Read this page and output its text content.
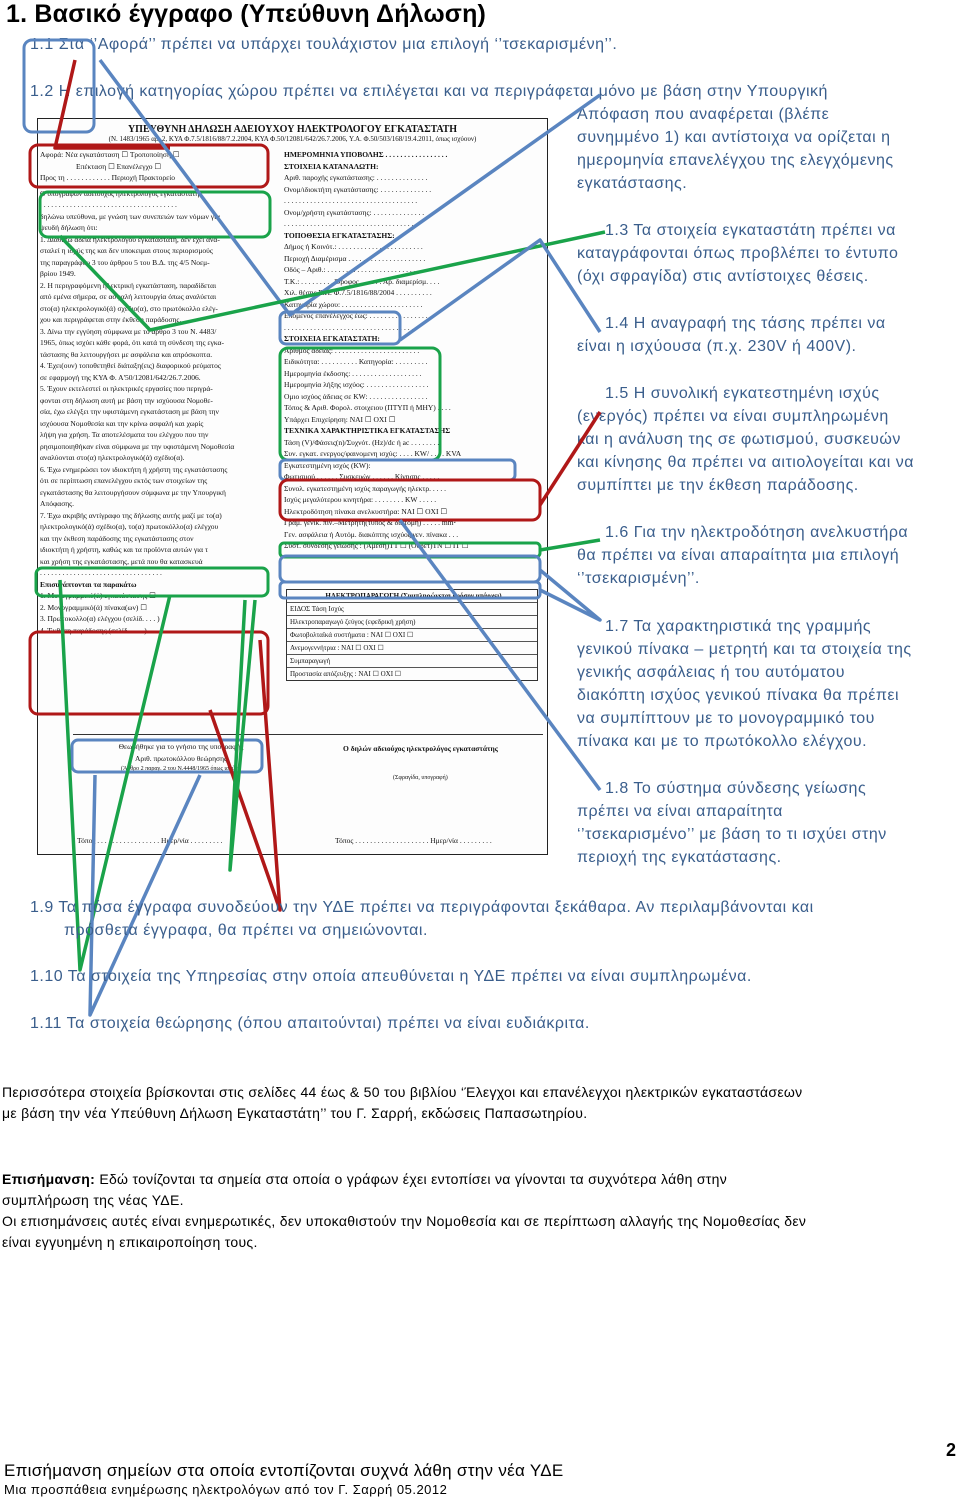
1. Βασικό έγγραφο (Υπεύθυνη Δήλωση)
1.1 Στα ‘’Αφορά’’ πρέπει να υπάρχει τουλάχιστον μια επιλογή ‘’τσεκαρισμένη’’.
1.2 Η επιλογή κατηγορίας χώρου πρέπει να επιλέγεται και να περιγράφεται μόνο με βάση στην Υπουργική
Απόφαση που αναφέρεται (βλέπε
συνημμένο 1) και αντίστοιχα να ορίζεται η
ημερομηνία επανελέγχου της ελεγχόμενης
εγκατάστασης.
1.3 Τα στοιχεία εγκαταστάτη πρέπει να
καταγράφονται όπως προβλέπει το έντυπο
(όχι σφραγίδα) στις αντίστοιχες θέσεις.
1.4 Η αναγραφή της τάσης πρέπει να
είναι η ισχύουσα (π.χ. 230V ή 400V).
1.5 Η συνολική εγκατεστημένη ισχύς
(ενεργός) πρέπει να είναι συμπληρωμένη
και η ανάλυση της σε φωτισμού, συσκευών
και κίνησης θα πρέπει να αιτιολογείται και να
συμπίπτει με την έκθεση παράδοσης.
1.6 Για την ηλεκτροδότηση ανελκυστήρα
θα πρέπει να είναι απαραίτητα μια επιλογή
‘’τσεκαρισμένη’’.
1.7 Τα χαρακτηριστικά της γραμμής
γενικού πίνακα – μετρητή και τα στοιχεία της
γενικής ασφάλειας ή του αυτόματου
διακόπτη ισχύος γενικού πίνακα θα πρέπει
να συμπίπτουν με το μονογραμμικό του
πίνακα και με το πρωτόκολλο ελέγχου.
1.8 Το σύστημα σύνδεσης γείωσης
πρέπει να είναι απαραίτητα
‘’τσεκαρισμένο’’ με βάση το τι ισχύει στην
περιοχή της εγκατάστασης.
ΥΠΕΥΘΥΝΗ ΔΗΛΩΣΗ ΑΔΕΙΟΥΧΟΥ ΗΛΕΚΤΡΟΛΟΓΟΥ ΕΓΚΑΤΑΣΤΑΤΗ
(Ν. 1483/1965 αρ. 2, ΚΥΑ Φ.7.5/1816/88/7.2.2004, ΚΥΑ Φ.50/12081/642/26.7.2006, Υ.Α. Φ.50/503/168/19.4.2011, όπως ισχύουν)
Αφορά: Νέα εγκατάσταση ☐ Τροποποίηση ☐
Επέκταση ☐ Επανέλεγχο ☐
Προς τη . . . . . . . . . . . . Περιοχή Πρακτορείο
Ο υπογράφων αδειούχος ηλεκτρολόγος εγκαταστάτης
. . . . . . . . . . . . . . . . . . . . . . . . . . . . . . . . . . . . .
δηλώνω υπεύθυνα, με γνώση των συνεπειών των νόμων για
ψευδή δήλωση ότι:
1. Διαθέτω άδεια ηλεκτρολόγου εγκαταστάτη, δεν έχει ανα-
σταλεί η ισχύς της και δεν υποκειμαι στους περιορισμούς
της παραγράφου 3 του άρθρου 5 του Β.Δ. της 4/5 Νοεμ-
βρίου 1949.
2. Η περιγραφόμενη ηλεκτρική εγκατάσταση, παραδίδεται
από εμένα σήμερα, σε ασφαλή λειτουργία όπως αναλύεται
στο(α) ηλεκτρολογικό(ά) σχέδιο(α), στο πρωτόκολλο ελέγ-
χου και περιγράφεται στην έκθεση παράδοσης.
3. Δίνω την εγγύηση σύμφωνα με το άρθρο 3 του Ν. 4483/
1965, όπως ισχύει κάθε φορά, ότι κατά τη σύνδεση της εγκα-
τάστασης θα λειτουργήσει με ασφάλεια και απρόσκοπτα.
4. Έχει(ουν) τοποθετηθεί διάταξη(εις) διαφορικού ρεύματος
σε εφαρμογή της ΚΥΑ Φ. Α'50/12081/642/26.7.2006.
5. Έχουν εκτελεστεί οι ηλεκτρικές εργασίες που περιγρά-
φονται στη δήλωση αυτή με βάση την ισχύουσα Νομοθε-
σία, έχω ελέγξει την υφιστάμενη εγκατάσταση με βάση την
ισχύουσα Νομοθεσία και την κρίνω ασφαλή και χωρίς
λήψη για χρήση. Τα αποτελέσματα του ελέγχου που την
ρησιμοποιηθήκαν είναι σύμφωνα με την υφιστάμενη Νομοθεσία
αναλύονται στο(α) ηλεκτρολογικό(ά) σχέδιο(α).
6. Έχω ενημερώσει τον ιδιοκτήτη ή χρήστη της εγκατάστασης
ότι σε περίπτωση επανελέγχου εκτός των στοιχείων της
εγκατάστασης θα λειτουργήσουν σύμφωνα με την Υπουργική
Απόφασης.
7. Έχω ακριβής αντίγραφο της δήλωσης αυτής μαζί με το(α)
ηλεκτρολογικό(ά) σχέδιο(α), το(α) πρωτοκόλλο(α) ελέγχου
και την έκθεση παράδοσης της εγκατάστασης στον
ιδιοκτήτη ή χρήστη, καθώς και τα προϊόντα αυτών για τ
και χρήση της εγκατάστασης, μετά που θα κατασκευά
. . . . . . . . . . . . . . . . . . . . . . . . . . . . . . . . .
Επισυνάπτονται τα παρακάτω
1. Μονογραμμικό(ά) εγκατάστασης ☐
2. Μονογραμμικό(ά) πίνακα(ων) ☐
3. Πρωτοκολλο(α) ελέγχου (σελίδ. . . . )
4. Έκθεση παράδοσης (σελίδ. . . . .)
ΗΜΕΡΟΜΗΝΙΑ ΥΠΟΒΟΛΗΣ . . . . . . . . . . . . . . . . .
ΣΤΟΙΧΕΙΑ ΚΑΤΑΝΑΛΩΤΗ:
Αριθ. παροχής εγκατάστασης: . . . . . . . . . . . . . .
Ονομ/ιδιοκτήτη εγκατάστασης: . . . . . . . . . . . . . .
. . . . . . . . . . . . . . . . . . . . . . . . . . . . . . . . . . . .
Ονομ/χρήστη εγκατάστασης: . . . . . . . . . . . . . .
. . . . . . . . . . . . . . . . . . . . . . . . . . . . . . . . . . . .
ΤΟΠΟΘΕΣΙΑ ΕΓΚΑΤΑΣΤΑΣΗΣ:
Δήμος ή Κοινότ.: . . . . . . . . . . . . . . . . . . . . . . .
Περιοχή Διαμέρισμα . . . . . . . . . . . . . . . . . . . . .
Οδός – Αριθ.: . . . . . . . . . . . . . . . . . . . . . . . . .
Τ.Κ.: . . . . . . . . . Όροφος . . . . . . Αρ. διαμερίσμ. . . .
Χιλ. θέσης Σ.Π. Φ.7.5/1816/88/2004 . . . . . . . . . .
Κατηγορία χώρου: . . . . . . . . . . . . . . . . . . . . . .
Επόμενος επανέλεγχος έως: . . . . . . . . . . . . . . . .
. . . . . . . . . . . . . . . . . . . . . . . . . . . . . . . . . . . .
ΣΤΟΙΧΕΙΑ ΕΓΚΑΤΑΣΤΑΤΗ:
Αριθμός άδειας: . . . . . . . . . . . . . . . . . . . . . . .
Ειδικότητα: . . . . . . . . . . Κατηγορία: . . . . . . . . .
Ημερομηνία έκδοσης: . . . . . . . . . . . . . . . . . . .
Ημερομηνία λήξης ισχύος: . . . . . . . . . . . . . . . . .
Ομιο ισχύος άδειας σε KW: . . . . . . . . . . . . . . . .
Τόπος & Αριθ. Φορολ. στοιχειου (ΠΤΥΠ ή ΜΗΥ) . . . .
Υπάρχει Επιχείρηση: ΝΑΙ ☐ ΟΧΙ ☐
ΤΕΧΝΙΚΑ ΧΑΡΑΚΤΗΡΙΣΤΙΚΑ ΕΓΚΑΤΑΣΤΑΣΗΣ
Τάση (V)/Φάσεις(n)/Συχνότ. (Hz)/dc ή ac . . . . . . . .
Συν. εγκατ. ενεργος/φαινομενη ισχύς: . . . . KW/ . . . . KVA
Εγκατεστημένη ισχύς (KW):
Φωτισμού . . . . . . Συσκευών . . . . . . Κίνησης . . . . .
Συνολ. εγκατεστημένη ισχύς παραγωγής ηλεκτρ. . . . .
Ισχύς μεγαλύτερου κινητήρα: . . . . . . . . KW . . . . .
Ηλεκτροδότηση πίνακα ανελκυστήρα: ΝΑΙ ☐ ΟΧΙ ☐
Γραμ. γενικ. πιν.–Μετρητή(τύπος & διατομή) . . . . . mm²
Γεν. ασφάλεια ή Αυτόμ. διακόπτης ισχύος γεν. πίνακα . . .
Σύστ. σύνδεσης γείωσης : (Άμεση)TT ☐ (Ουδέτ)TN ☐ IT ☐
ΗΛΕΚΤΡΟΠΑΡΑΓΩΓΗ (Συμπληρώνεται εφόσον υπάρχει)
ΕΙΔΟΣ Τάση Ισχύς
Ηλεκτροπαραγωγό ζεύγος (εφεδρική χρήση)
Φωτοβολταϊκά συστήματα : ΝΑΙ ☐ ΟΧΙ ☐
Ανεμογεννήτρια : ΝΑΙ ☐ ΟΧΙ ☐
Συμπαραγωγή
Προστασία απόζευξης : ΝΑΙ ☐ ΟΧΙ ☐
Θεωρήθηκε για το γνήσιο της υπογραφής
Αριθ. πρωτοκόλλου θεώρησης
(Άρθρο 2 παραγ. 2 του Ν.4448/1965 όπως ισχύει)
Ο δηλών αδειούχος ηλεκτρολόγος εγκαταστάτης
(Σφραγίδα, υπογραφή)
Τόπος . . . . . . . . . . . . . . . . . Ημερ/νία . . . . . . . . .	Τόπος . . . . . . . . . . . . . . . . . . . . Ημερ/νία . . . . . . . . .
1.9 Τα πόσα έγγραφα συνοδεύουν την ΥΔΕ πρέπει να περιγράφονται ξεκάθαρα. Αν περιλαμβάνονται και
πρόσθετα έγγραφα, θα πρέπει να σημειώνονται.
1.10 Τα στοιχεία της Υπηρεσίας στην οποία απευθύνεται η ΥΔΕ πρέπει να είναι συμπληρωμένα.
1.11 Τα στοιχεία θεώρησης (όπου απαιτούνται) πρέπει να είναι ευδιάκριτα.
Περισσότερα στοιχεία βρίσκονται στις σελίδες 44 έως & 50 του βιβλίου ‘Έλεγχοι και επανέλεγχοι ηλεκτρικών εγκαταστάσεων
με βάση την νέα Υπεύθυνη Δήλωση Εγκαταστάτη’’ του Γ. Σαρρή, εκδώσεις Παπασωτηρίου.
Επισήμανση: Εδώ τονίζονται τα σημεία στα οποία ο γράφων έχει εντοπίσει να γίνονται τα συχνότερα λάθη στην
συμπλήρωση της νέας ΥΔΕ.
Οι επισημάνσεις αυτές είναι ενημερωτικές, δεν υποκαθιστούν την Νομοθεσία και σε περίπτωση αλλαγής της Νομοθεσίας δεν
είναι εγγυημένη η επικαιροποίηση τους.
2
Επισήμανση σημείων στα οποία εντοπίζονται συχνά λάθη στην νέα ΥΔΕ
Μια προσπάθεια ενημέρωσης ηλεκτρολόγων από τον Γ. Σαρρή 05.2012
